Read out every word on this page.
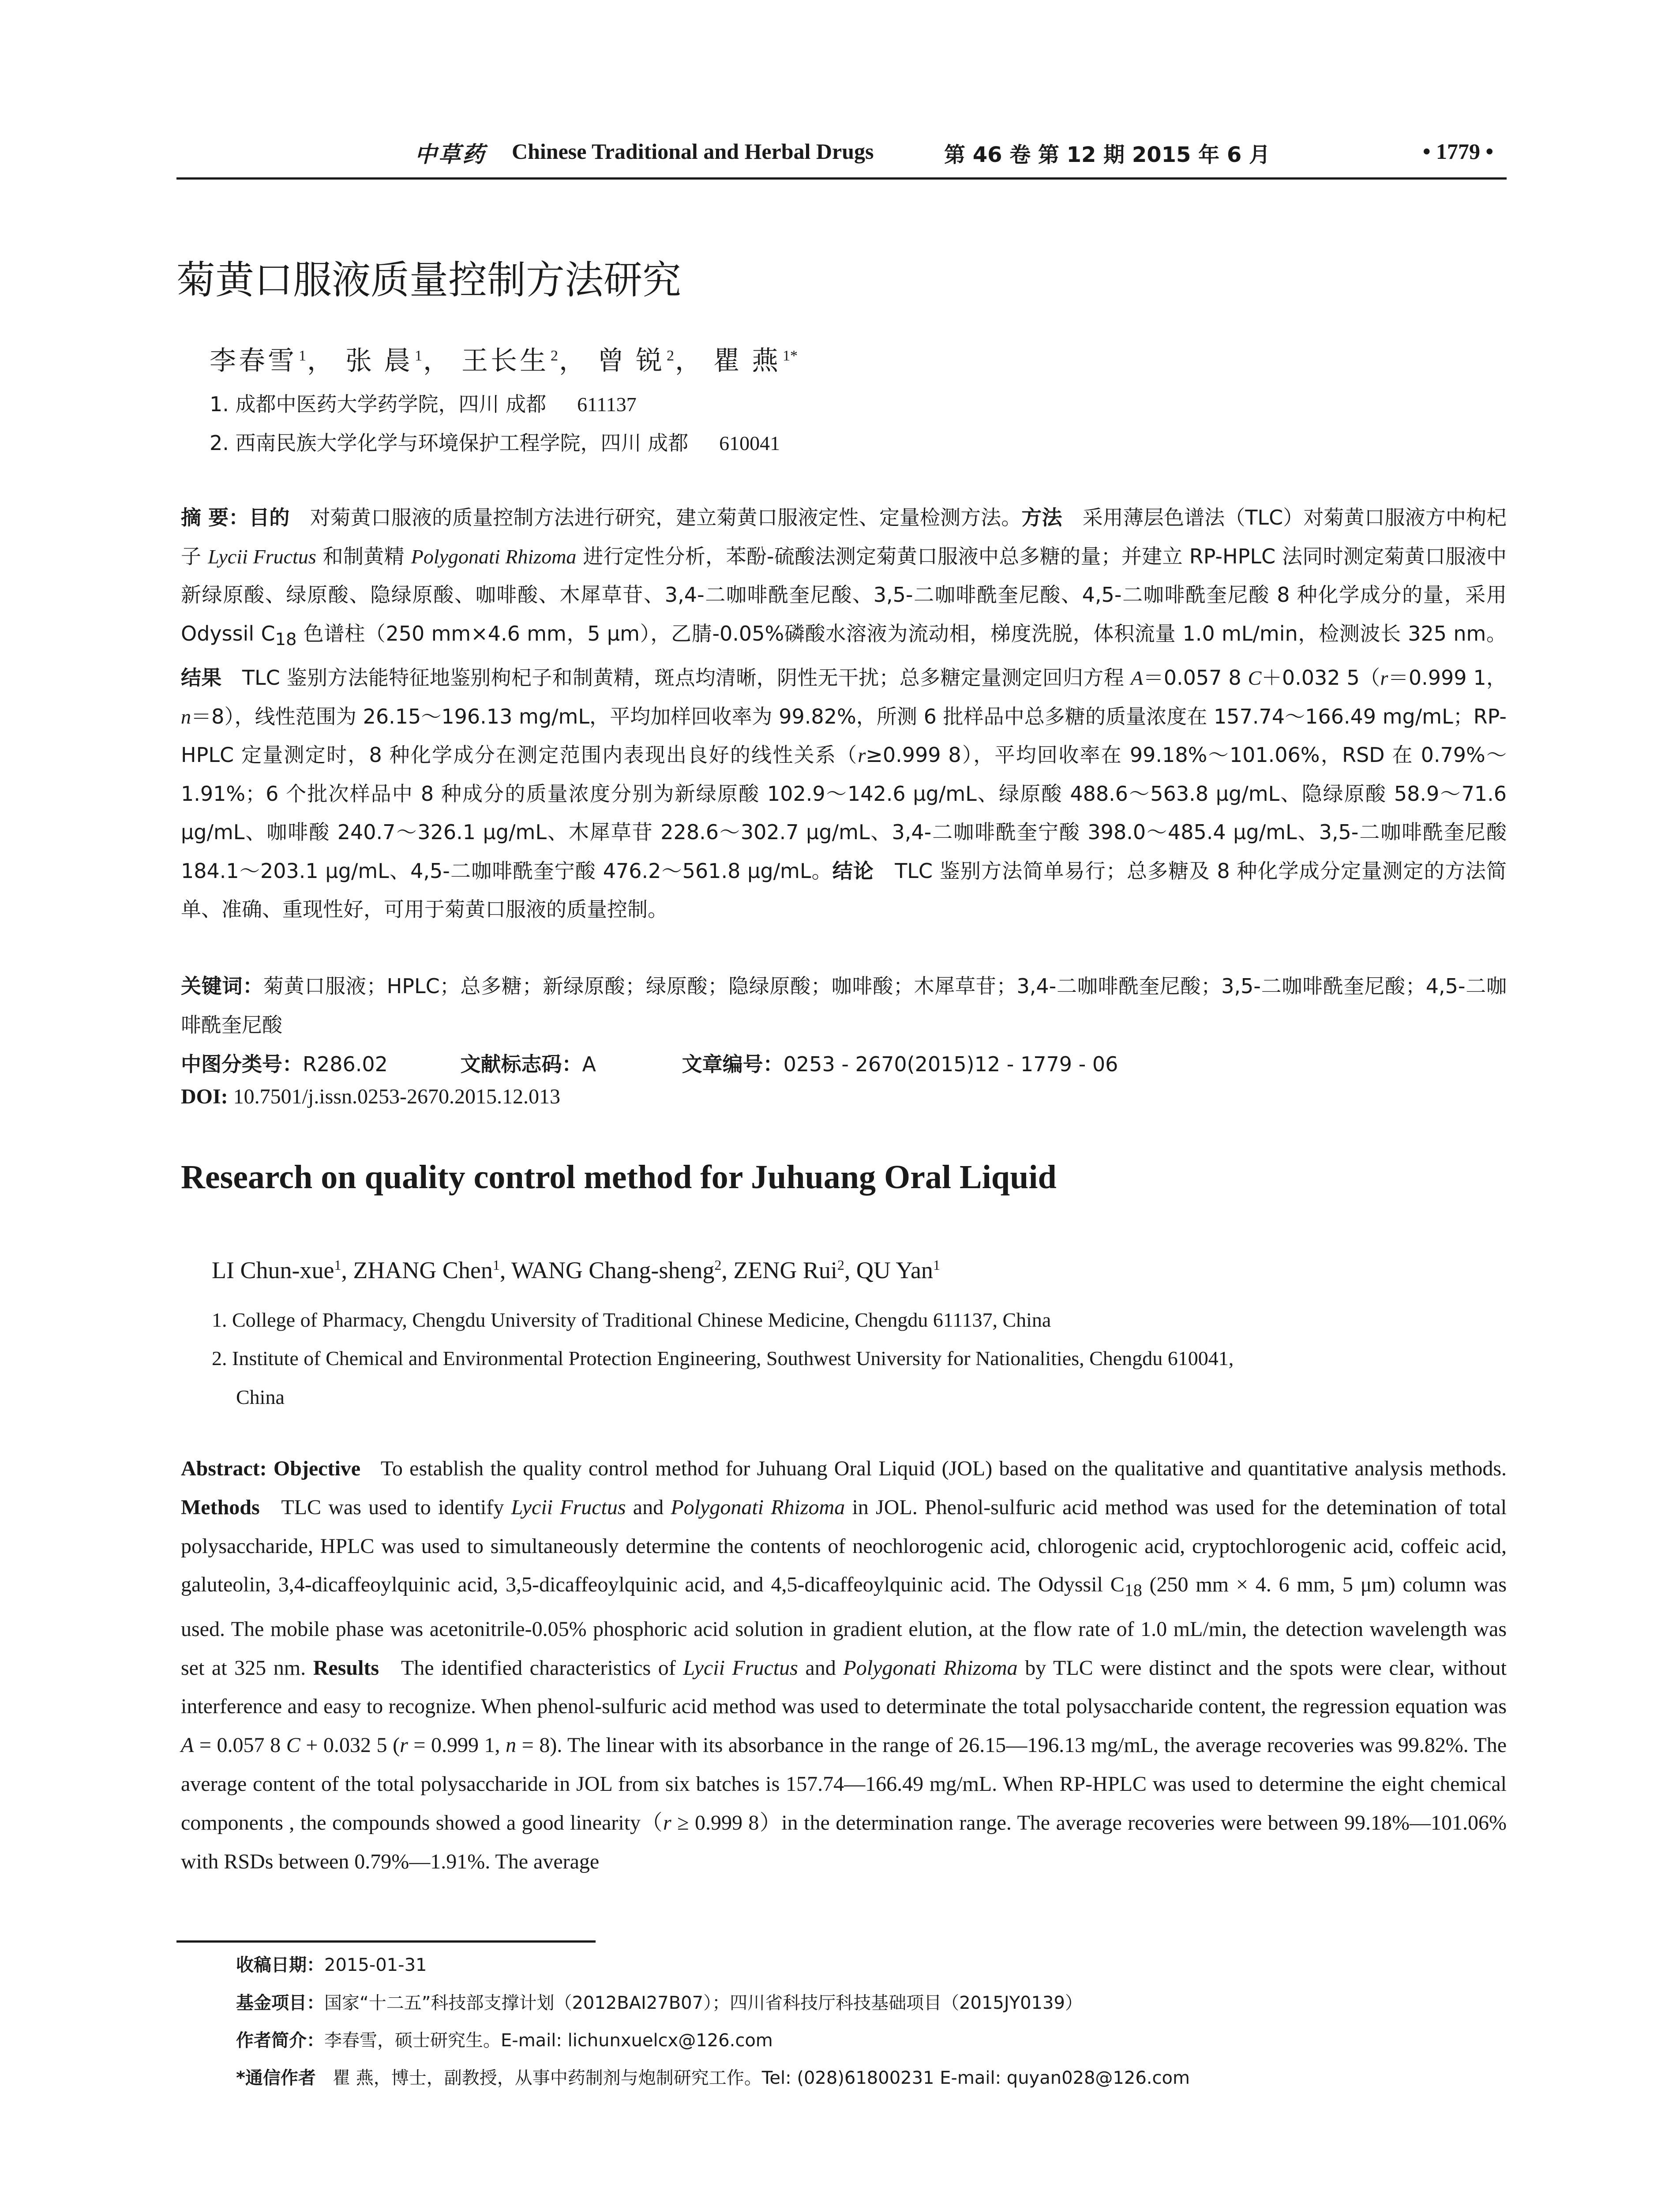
中草药 Chinese Traditional and Herbal Drugs	第 46 卷 第 12 期 2015 年 6 月	• 1779 •
菊黄口服液质量控制方法研究
李春雪 $^1$， 张 晨 $^1$， 王长生 $^2$， 曾 锐 $^2$， 瞿 燕 $^{1*}$
1. 成都中医药大学药学院，四川 成都 611137
2. 西南民族大学化学与环境保护工程学院，四川 成都 610041

摘 要：目的　 对菊黄口服液的质量控制方法进行研究，建立菊黄口服液定性、定量检测方法。方法　 采用薄层色谱法（TLC）对菊黄口服液方中枸杞子 Lycii Fructus 和制黄精 Polygonati Rhizoma 进行定性分析，苯酚-硫酸法测定菊黄口服液中总多糖的量；并建立 RP-HPLC 法同时测定菊黄口服液中新绿原酸、绿原酸、隐绿原酸、咖啡酸、木犀草苷、3,4-二咖啡酰奎尼酸、3,5-二咖啡酰奎尼酸、4,5-二咖啡酰奎尼酸 8 种化学成分的量，采用 Odyssil $C_{18}$ 色谱柱（250 mm×4.6 mm，5 μm），乙腈-0.05%磷酸水溶液为流动相，梯度洗脱，体积流量 1.0 mL/min，检测波长 325 nm。结果　 TLC 鉴别方法能特征地鉴别枸杞子和制黄精，斑点均清晰，阴性无干扰；总多糖定量测定回归方程 A＝0.057 8 C＋0.032 5（r＝0.999 1，n＝8），线性范围为 26.15～196.13 mg/mL，平均加样回收率为 99.82%，所测 6 批样品中总多糖的质量浓度在 157.74～166.49 mg/mL；RP-HPLC 定量测定时，8 种化学成分在测定范围内表现出良好的线性关系（r≥0.999 8），平均回收率在 99.18%～101.06%，RSD 在 0.79%～1.91%；6 个批次样品中 8 种成分的质量浓度分别为新绿原酸 102.9～142.6 μg/mL、绿原酸 488.6～563.8 μg/mL、隐绿原酸 58.9～71.6 μg/mL、咖啡酸 240.7～326.1 μg/mL、木犀草苷 228.6～302.7 μg/mL、3,4-二咖啡酰奎宁酸 398.0～485.4 μg/mL、3,5-二咖啡酰奎尼酸 184.1～203.1 μg/mL、4,5-二咖啡酰奎宁酸 476.2～561.8 μg/mL。结论　 TLC 鉴别方法简单易行；总多糖及 8 种化学成分定量测定的方法简单、准确、重现性好，可用于菊黄口服液的质量控制。

关键词：菊黄口服液；HPLC；总多糖；新绿原酸；绿原酸；隐绿原酸；咖啡酸；木犀草苷；3,4-二咖啡酰奎尼酸；3,5-二咖啡酰奎尼酸；4,5-二咖啡酰奎尼酸

中图分类号：R286.02	文献标志码：A	文章编号：0253 - 2670(2015)12 - 1779 - 06
DOI: 10.7501/j.issn.0253-2670.2015.12.013
Research on quality control method for Juhuang Oral Liquid
LI Chun-xue$^1$, ZHANG Chen$^1$, WANG Chang-sheng$^2$, ZENG Rui$^2$, QU Yan$^1$
1. College of Pharmacy, Chengdu University of Traditional Chinese Medicine, Chengdu 611137, China
2. Institute of Chemical and Environmental Protection Engineering, Southwest University for Nationalities, Chengdu 610041,
China

Abstract: Objective To establish the quality control method for Juhuang Oral Liquid (JOL) based on the qualitative and quantitative analysis methods. Methods TLC was used to identify Lycii Fructus and Polygonati Rhizoma in JOL. Phenol-sulfuric acid method was used for the detemination of total polysaccharide, HPLC was used to simultaneously determine the contents of neochlorogenic acid, chlorogenic acid, cryptochlorogenic acid, coffeic acid, galuteolin, 3,4-dicaffeoylquinic acid, 3,5-dicaffeoylquinic acid, and 4,5-dicaffeoylquinic acid. The Odyssil $C_{18}$ (250 mm × 4. 6 mm, 5 μm) column was used. The mobile phase was acetonitrile-0.05% phosphoric acid solution in gradient elution, at the flow rate of 1.0 mL/min, the detection wavelength was set at 325 nm. Results The identified characteristics of Lycii Fructus and Polygonati Rhizoma by TLC were distinct and the spots were clear, without interference and easy to recognize. When phenol-sulfuric acid method was used to determinate the total polysaccharide content, the regression equation was A = 0.057 8 C + 0.032 5 (r = 0.999 1, n = 8). The linear with its absorbance in the range of 26.15—196.13 mg/mL, the average recoveries was 99.82%. The average content of the total polysaccharide in JOL from six batches is 157.74—166.49 mg/mL. When RP-HPLC was used to determine the eight chemical components , the compounds showed a good linearity（r ≥ 0.999 8）in the determination range. The average recoveries were between 99.18%—101.06% with RSDs between 0.79%—1.91%. The average

收稿日期：2015-01-31
基金项目：国家“十二五”科技部支撑计划（2012BAI27B07）；四川省科技厅科技基础项目（2015JY0139）
作者简介：李春雪，硕士研究生。E-mail: lichunxuelcx@126.com
*通信作者 瞿 燕，博士，副教授，从事中药制剂与炮制研究工作。Tel: (028)61800231 E-mail: quyan028@126.com
